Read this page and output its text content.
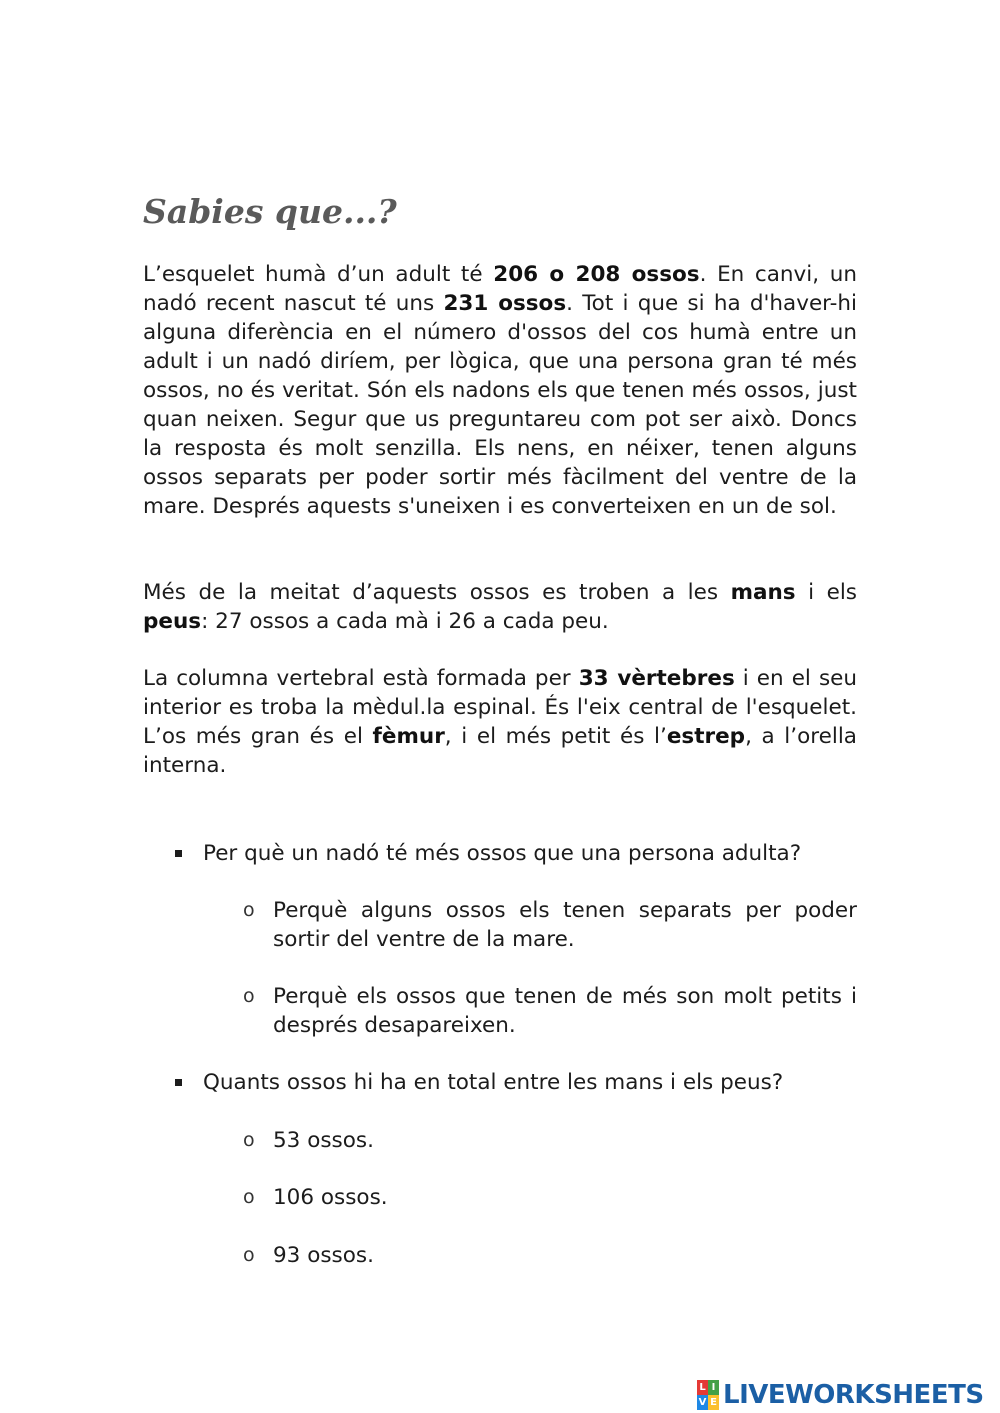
Sabies que...?

L’esquelet humà d’un adult té 206 o 208 ossos. En canvi, un nadó recent nascut té uns 231 ossos. Tot i que si ha d'haver-hi alguna diferència en el número d'ossos del cos humà entre un adult i un nadó diríem, per lògica, que una persona gran té més ossos, no és veritat. Són els nadons els que tenen més ossos, just quan neixen. Segur que us preguntareu com pot ser això. Doncs la resposta és molt senzilla. Els nens, en néixer, tenen alguns ossos separats per poder sortir més fàcilment del ventre de la mare. Després aquests s'uneixen i es converteixen en un de sol.

Més de la meitat d’aquests ossos es troben a les mans i els peus: 27 ossos a cada mà i 26 a cada peu.

La columna vertebral està formada per 33 vèrtebres i en el seu interior es troba la mèdul.la espinal. És l'eix central de l'esquelet. L’os més gran és el fèmur, i el més petit és l’estrep, a l’orella interna.

Per què un nadó té més ossos que una persona adulta?
o Perquè alguns ossos els tenen separats per poder sortir del ventre de la mare.
o Perquè els ossos que tenen de més son molt petits i després desapareixen.
Quants ossos hi ha en total entre les mans i els peus?
o 53 ossos.
o 106 ossos.
o 93 ossos.
L I
V E LIVEWORKSHEETS
